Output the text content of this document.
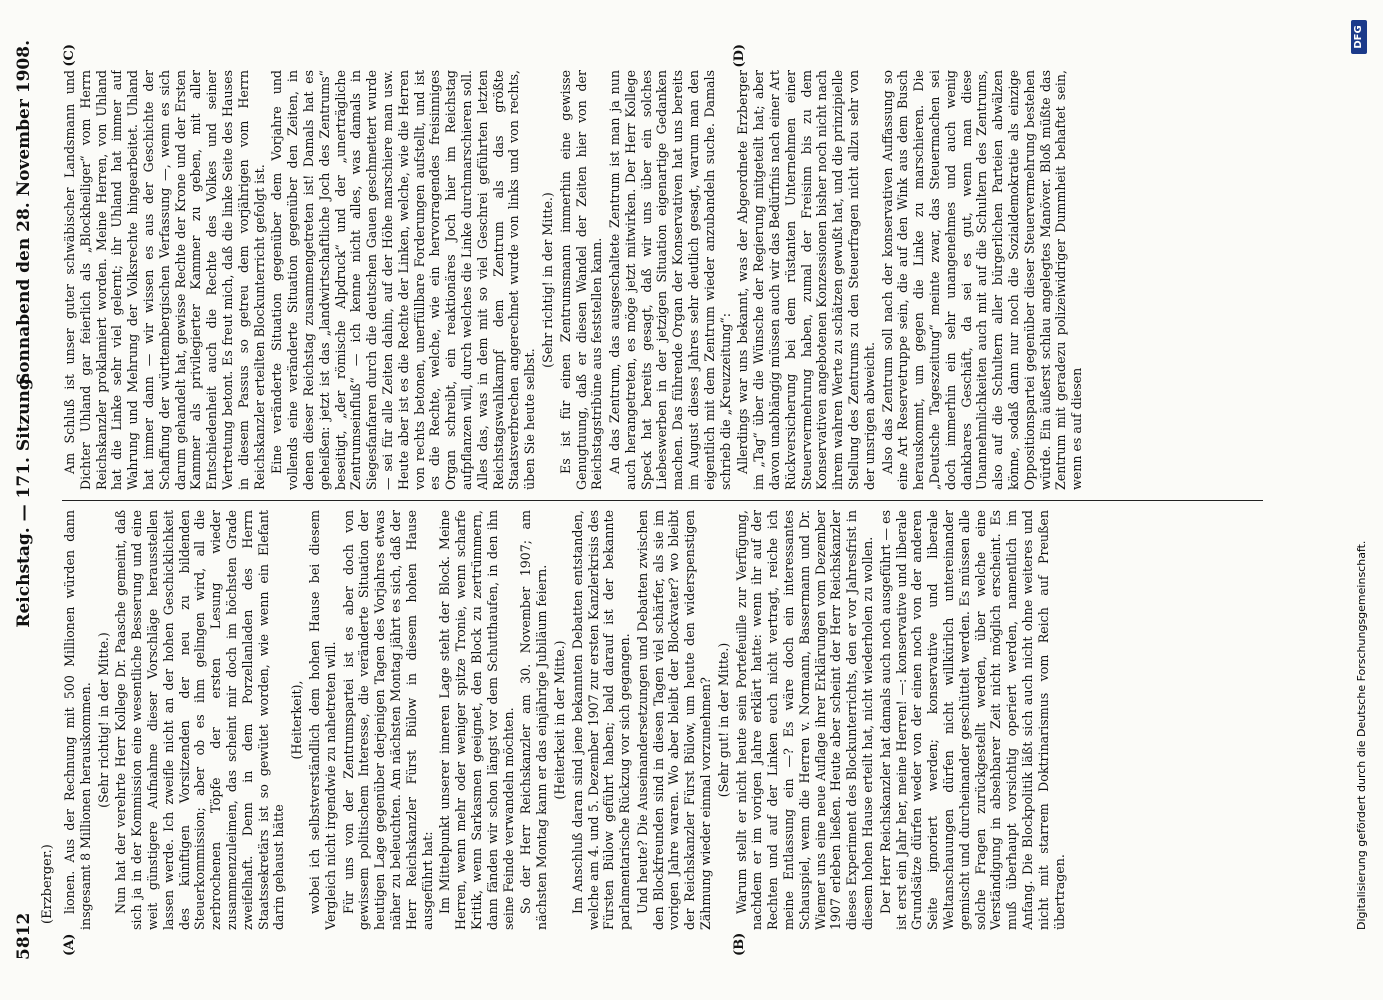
5812
Reichstag. — 171. Sitzung.
Sonnabend den 28. November 1908.
(Erzberger.)
(A)	(B)
(C)	(D)

lionen. Aus der Rechnung mit 500 Millionen würden dann insgesamt 8 Millionen herauskommen. (Sehr richtig! in der Mitte.) Nun hat der verehrte Herr Kollege Dr. Paasche gemeint, daß sich ja in der Kommission eine wesentliche Besserung und eine weit günstigere Aufnahme dieser Vorschläge herausstellen lassen werde. Ich zweifle nicht an der hohen Geschicklichkeit des künftigen Vorsitzenden der neu zu bildenden Steuerkommission; aber ob es ihm gelingen wird, all die zerbrochenen Töpfe der ersten Lesung wieder zusammenzuleimen, das scheint mir doch im höchsten Grade zweifelhaft. Denn in dem Porzellanladen des Herrn Staatssekretärs ist so gewütet worden, wie wenn ein Elefant darin gehaust hätte

(Heiterkeit), wobei ich selbstverständlich dem hohen Hause bei diesem Vergleich nicht irgendwie zu nahetreten will. Für uns von der Zentrumspartei ist es aber doch von gewissem politischem Interesse, die veränderte Situation der heutigen Lage gegenüber derjenigen Tagen des Vorjahres etwas näher zu beleuchten. Am nächsten Montag jährt es sich, daß der Herr Reichskanzler Fürst Bülow in diesem hohen Hause ausgeführt hat: Im Mittelpunkt unserer inneren Lage steht der Block. Meine Herren, wenn mehr oder weniger spitze Tronie, wenn scharfe Kritik, wenn Sarkasmen geeignet, den Block zu zertrümmern, dann fänden wir schon längst vor dem Schutthaufen, in den ihn seine Feinde verwandeln möchten. So der Herr Reichskanzler am 30. November 1907; am nächsten Montag kann er das einjährige Jubiläum feiern. (Heiterkeit in der Mitte.) Im Anschluß daran sind jene bekannten Debatten entstanden, welche am 4. und 5. Dezember 1907 zur ersten Kanzlerkrisis des Fürsten Bülow geführt haben; bald darauf ist der bekannte parlamentarische Rückzug vor sich gegangen. Und heute? Die Auseinandersetzungen und Debatten zwischen den Blockfreunden sind in diesen Tagen viel schärfer, als sie im vorigen Jahre waren. Wo aber bleibt der Blockvater? wo bleibt der Reichskanzler Fürst Bülow, um heute den widerspenstigen Zähmung wieder einmal vorzunehmen? (Sehr gut! in der Mitte.) Warum stellt er nicht heute sein Portefeuille zur Verfügung, nachdem er im vorigen Jahre erklärt hatte: wenn ihr auf der Rechten und auf der Linken euch nicht vertragt, reiche ich meine Entlassung ein —? Es wäre doch ein interessantes Schauspiel, wenn die Herren v. Normann, Bassermann und Dr. Wiemer uns eine neue Auflage ihrer Erklärungen vom Dezember 1907 erleben ließen. Heute aber scheint der Herr Reichskanzler dieses Experiment des Blockunterrichts, den er vor Jahresfrist in diesem hohen Hause erteilt hat, nicht wiederholen zu wollen. Der Herr Reichskanzler hat damals auch noch ausgeführt — es ist erst ein Jahr her, meine Herren! —: konservative und liberale Grundsätze dürfen weder von der einen noch von der anderen Seite ignoriert werden; konservative und liberale Weltanschauungen dürfen nicht willkürlich untereinander gemischt und durcheinander geschüttelt werden. Es müssen alle solche Fragen zurückgestellt werden, über welche eine Verständigung in absehbarer Zeit nicht möglich erscheint. Es muß überhaupt vorsichtig operiert werden, namentlich im Anfang. Die Blockpolitik läßt sich auch nicht ohne weiteres und nicht mit starrem Doktrinarismus vom Reich auf Preußen übertragen.

Am Schluß ist unser guter schwäbischer Landsmann und Dichter Uhland gar feierlich als „Blockheiliger“ vom Herrn Reichskanzler proklamiert worden. Meine Herren, von Uhland hat die Linke sehr viel gelernt; ihr Uhland hat immer auf Wahrung und Mehrung der Volksrechte hingearbeitet. Uhland hat immer dann — wir wissen es aus der Geschichte der Schaffung der württembergischen Verfassung —, wenn es sich darum gehandelt hat, gewisse Rechte der Krone und der Ersten Kammer als privilegierter Kammer zu geben, mit aller Entschiedenheit auch die Rechte des Volkes und seiner Vertretung betont. Es freut mich, daß die linke Seite des Hauses in diesem Passus so getreu dem vorjährigen vom Herrn Reichskanzler erteilten Blockunterricht gefolgt ist. Eine veränderte Situation gegenüber dem Vorjahre und vollends eine veränderte Situation gegenüber den Zeiten, in denen dieser Reichstag zusammengetreten ist! Damals hat es geheißen: jetzt ist das „landwirtschaftliche Joch des Zentrums“ beseitigt, „der römische Alpdruck“ und der „unerträgliche Zentrumseinfluß“ — ich kenne nicht alles, was damals in Siegesfanfaren durch die deutschen Gauen geschmettert wurde — sei für alle Zeiten dahin, auf der Höhe marschiere man usw. Heute aber ist es die Rechte der Linken, welche, wie die Herren von rechts betonen, unerfüllbare Forderungen aufstellt, und ist es die Rechte, welche, wie ein hervorragendes freisinniges Organ schreibt, ein reaktionäres Joch hier im Reichstag aufpflanzen will, durch welches die Linke durchmarschieren soll. Alles das, was in dem mit so viel Geschrei geführten letzten Reichstagswahlkampf dem Zentrum als das größte Staatsverbrechen angerechnet wurde von links und von rechts, üben Sie heute selbst.

(Sehr richtig! in der Mitte.) Es ist für einen Zentrumsmann immerhin eine gewisse Genugtuung, daß er diesen Wandel der Zeiten hier von der Reichstagstribüne aus feststellen kann. An das Zentrum, das ausgeschaltete Zentrum ist man ja nun auch herangetreten, es möge jetzt mitwirken. Der Herr Kollege Speck hat bereits gesagt, daß wir uns über ein solches Liebeswerben in der jetzigen Situation eigenartige Gedanken machen. Das führende Organ der Konservativen hat uns bereits im August dieses Jahres sehr deutlich gesagt, warum man den eigentlich mit dem Zentrum wieder anzubandeln suche. Damals schrieb die „Kreuzzeitung“: Allerdings war uns bekannt, was der Abgeordnete Erzberger im „Tag“ über die Wünsche der Regierung mitgeteilt hat; aber davon unabhängig müssen auch wir das Bedürfnis nach einer Art Rückversicherung bei dem rüstanten Unternehmen einer Steuervermehrung haben, zumal der Freisinn bis zu dem Konservativen angebotenen Konzessionen bisher noch nicht nach ihrem wahren Werte zu schätzen gewußt hat, und die prinzipielle Stellung des Zentrums zu den Steuerfragen nicht allzu sehr von der unsrigen abweicht. Also das Zentrum soll nach der konservativen Auffassung so eine Art Reservetruppe sein, die auf den Wink aus dem Busch herauskommt, um gegen die Linke zu marschieren. Die „Deutsche Tageszeitung“ meinte zwar, das Steuermachen sei doch immerhin ein sehr unangenehmes und auch wenig dankbares Geschäft, da sei es gut, wenn man diese Unannehmlichkeiten auch mit auf die Schultern des Zentrums, also auf die Schultern aller bürgerlichen Parteien abwälzen könne, sodaß dann nur noch die Sozialdemokratie als einzige Oppositionspartei gegenüber dieser Steuervermehrung bestehen würde. Ein äußerst schlau angelegtes Manöver. Bloß müßte das Zentrum mit geradezu polizeiwidriger Dummheit behaftet sein, wenn es auf diesen

Digitalisierung gefördert durch die Deutsche Forschungsgemeinschaft.
DFG
